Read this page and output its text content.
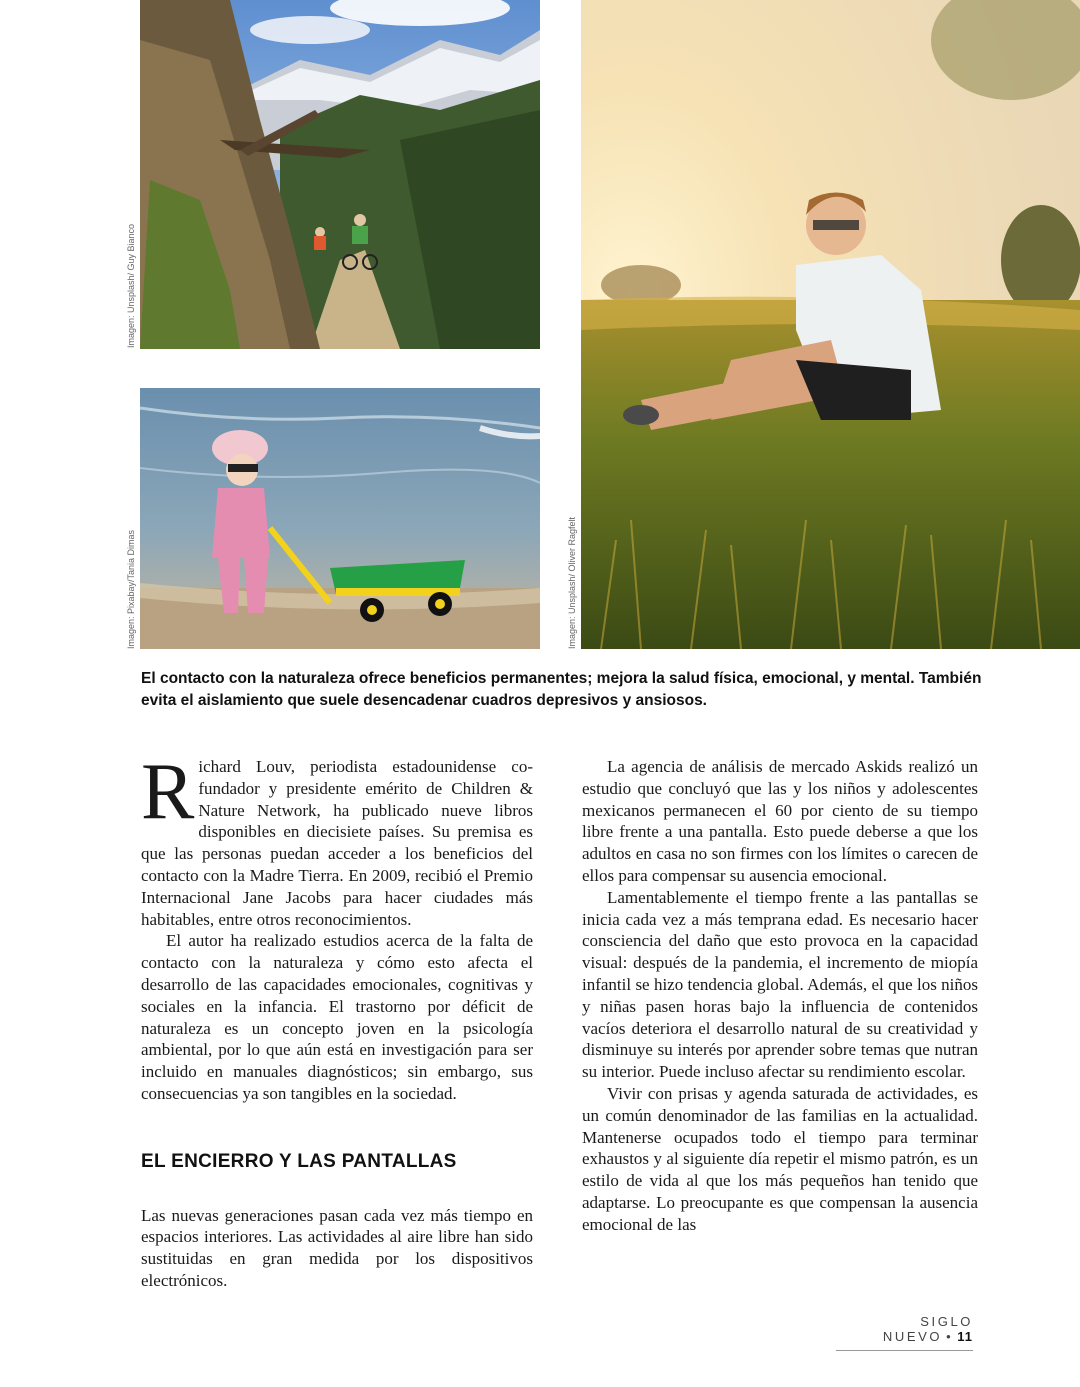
Imagen: Unsplash/ Guy Bianco
Imagen: Pixabay/Tania Dimas	Imagen: Unsplash/ Oliver Ragfelt
El contacto con la naturaleza ofrece beneficios permanentes; mejora la salud física, emocional, y mental. También evita el aislamiento que suele desencadenar cuadros depresivos y ansiosos.

Richard Louv, periodista estadounidense co-fundador y presidente emérito de Children & Nature Network, ha publicado nueve libros disponibles en diecisiete países. Su premisa es que las personas puedan acceder a los beneficios del contacto con la Madre Tierra. En 2009, recibió el Premio Internacional Jane Jacobs para hacer ciudades más habitables, entre otros reconocimientos.

El autor ha realizado estudios acerca de la falta de contacto con la naturaleza y cómo esto afecta el desarrollo de las capacidades emocionales, cognitivas y sociales en la infancia. El trastorno por déficit de naturaleza es un concepto joven en la psicología ambiental, por lo que aún está en investigación para ser incluido en manuales diagnósticos; sin embargo, sus consecuencias ya son tangibles en la sociedad.

EL ENCIERRO Y LAS PANTALLAS

Las nuevas generaciones pasan cada vez más tiempo en espacios interiores. Las actividades al aire libre han sido sustituidas en gran medida por los dispositivos electrónicos.

La agencia de análisis de mercado Askids realizó un estudio que concluyó que las y los niños y adolescentes mexicanos permanecen el 60 por ciento de su tiempo libre frente a una pantalla. Esto puede deberse a que los adultos en casa no son firmes con los límites o carecen de ellos para compensar su ausencia emocional.

Lamentablemente el tiempo frente a las pantallas se inicia cada vez a más temprana edad. Es necesario hacer consciencia del daño que esto provoca en la capacidad visual: después de la pandemia, el incremento de miopía infantil se hizo tendencia global. Además, el que los niños y niñas pasen horas bajo la influencia de contenidos vacíos deteriora el desarrollo natural de su creatividad y disminuye su interés por aprender sobre temas que nutran su interior. Puede incluso afectar su rendimiento escolar.

Vivir con prisas y agenda saturada de actividades, es un común denominador de las familias en la actualidad. Mantenerse ocupados todo el tiempo para terminar exhaustos y al siguiente día repetir el mismo patrón, es un estilo de vida al que los más pequeños han tenido que adaptarse. Lo preocupante es que compensan la ausencia emocional de las

SIGLO NUEVO • 11
